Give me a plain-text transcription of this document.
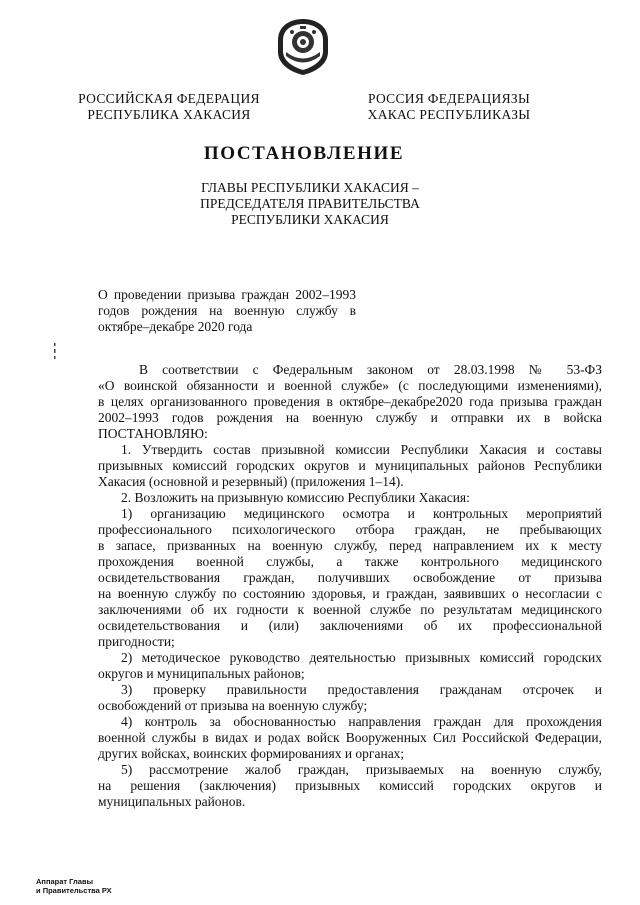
РОССИЙСКАЯ ФЕДЕРАЦИЯ
РЕСПУБЛИКА ХАКАСИЯ
РОССИЯ ФЕДЕРАЦИЯЗЫ
ХАКАС РЕСПУБЛИКАЗЫ
ПОСТАНОВЛЕНИЕ
ГЛАВЫ РЕСПУБЛИКИ ХАКАСИЯ –
ПРЕДСЕДАТЕЛЯ ПРАВИТЕЛЬСТВА
РЕСПУБЛИКИ ХАКАСИЯ
О проведении призыва граждан 2002–1993
годов рождения на военную службу в
октябре–декабре 2020 года
В соответствии с Федеральным законом от 28.03.1998 № 53-ФЗ
«О воинской обязанности и военной службе» (с последующими изменениями),
в целях организованного проведения в октябре–декабре2020 года призыва граждан
2002–1993 годов рождения на военную службу и отправки их в войска
ПОСТАНОВЛЯЮ:
1. Утвердить состав призывной комиссии Республики Хакасия и составы
призывных комиссий городских округов и муниципальных районов Республики
Хакасия (основной и резервный) (приложения 1–14).
2. Возложить на призывную комиссию Республики Хакасия:
1) организацию медицинского осмотра и контрольных мероприятий
профессионального психологического отбора граждан, не пребывающих
в запасе, призванных на военную службу, перед направлением их к месту
прохождения военной службы, а также контрольного медицинского
освидетельствования граждан, получивших освобождение от призыва
на военную службу по состоянию здоровья, и граждан, заявивших о несогласии с
заключениями об их годности к военной службе по результатам медицинского
освидетельствования и (или) заключениями об их профессиональной
пригодности;
2) методическое руководство деятельностью призывных комиссий городских
округов и муниципальных районов;
3) проверку правильности предоставления гражданам отсрочек и
освобождений от призыва на военную службу;
4) контроль за обоснованностью направления граждан для прохождения
военной службы в видах и родах войск Вооруженных Сил Российской Федерации,
других войсках, воинских формированиях и органах;
5) рассмотрение жалоб граждан, призываемых на военную службу,
на решения (заключения) призывных комиссий городских округов и
муниципальных районов.
Аппарат Главы
и Правительства РХ
